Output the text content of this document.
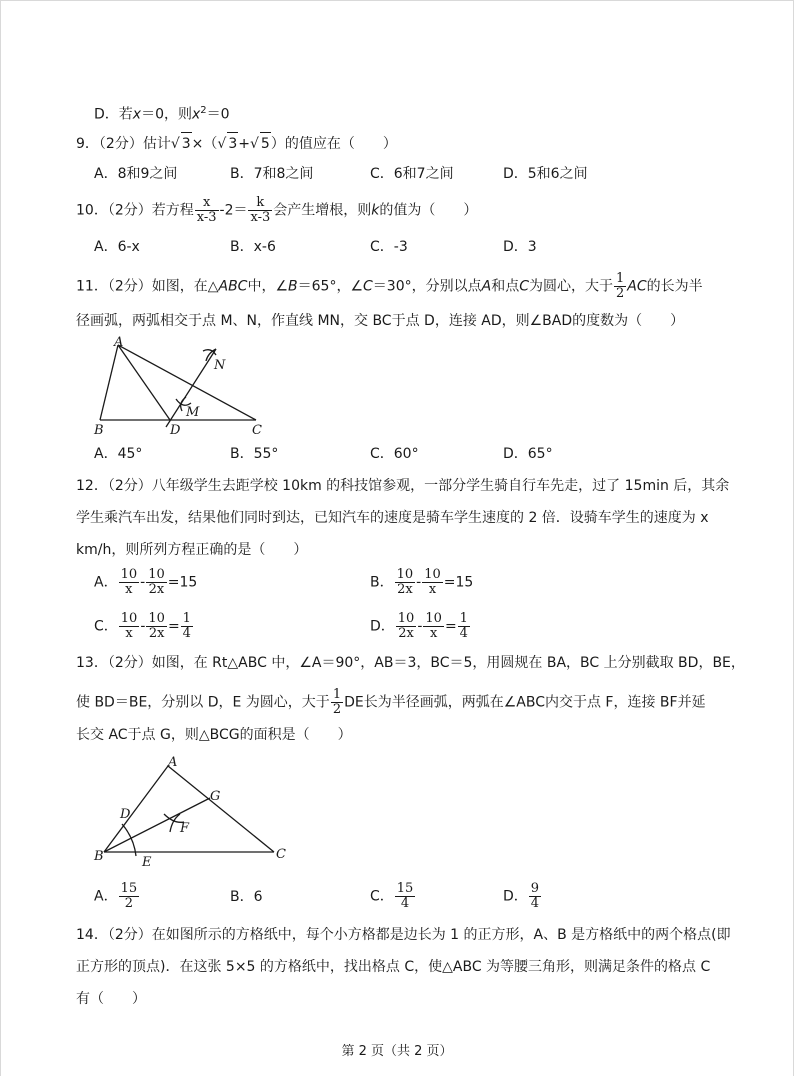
D．若x＝0，则$x^2=0$
9．（2分）估计√ 3×（√ 3+√ 5）的值应在（　　）
A．8和9之间	B．7和8之间	C．6和7之间	D．5和6之间
10．（2分）若方程 $\frac{x}{x-3} -2= \frac{k}{x-3}$ 会产生增根，则k的值为（　　）
A．6-x	B．x-6	C．-3	D．3
11．（2分）如图，在△ABC中，∠B＝65°，∠C＝30°，分别以点A和点C为圆心，大于 $\frac{1}{2}$ AC的长为半
径画弧，两弧相交于点 M、N，作直线 MN，交 BC于点 D，连接 AD，则∠BAD的度数为（　　）
A
B	C
D
M
N
A．45°	B．55°	C．60°	D．65°
12．（2分）八年级学生去距学校 10km 的科技馆参观，一部分学生骑自行车先走，过了 15min 后，其余
学生乘汽车出发，结果他们同时到达，已知汽车的速度是骑车学生速度的 2 倍．设骑车学生的速度为 x
km/h，则所列方程正确的是（　　）
A． $\frac{10}{x} - \frac{10}{2x} =15$	B． $\frac{10}{2x} - \frac{10}{x} =15$
C． $\frac{10}{x} - \frac{10}{2x} = \frac{1}{4}$	D． $\frac{10}{2x} - \frac{10}{x} = \frac{1}{4}$
13．（2分）如图，在 Rt△ABC 中，∠A＝90°，AB＝3，BC＝5，用圆规在 BA，BC 上分别截取 BD，BE，
使 BD＝BE，分别以 D，E 为圆心，大于 $\frac{1}{2}$ DE长为半径画弧，两弧在∠ABC内交于点 F，连接 BF并延
长交 AC于点 G，则△BCG的面积是（　　）
A
B	C
D
E
F
G
A． $\frac{15}{2}$	B．6	C． $\frac{15}{4}$	D． $\frac{9}{4}$
14．（2分）在如图所示的方格纸中，每个小方格都是边长为 1 的正方形，A、B 是方格纸中的两个格点(即
正方形的顶点)．在这张 5×5 的方格纸中，找出格点 C，使△ABC 为等腰三角形，则满足条件的格点 C
有（　　）
第 2 页（共 2 页）
